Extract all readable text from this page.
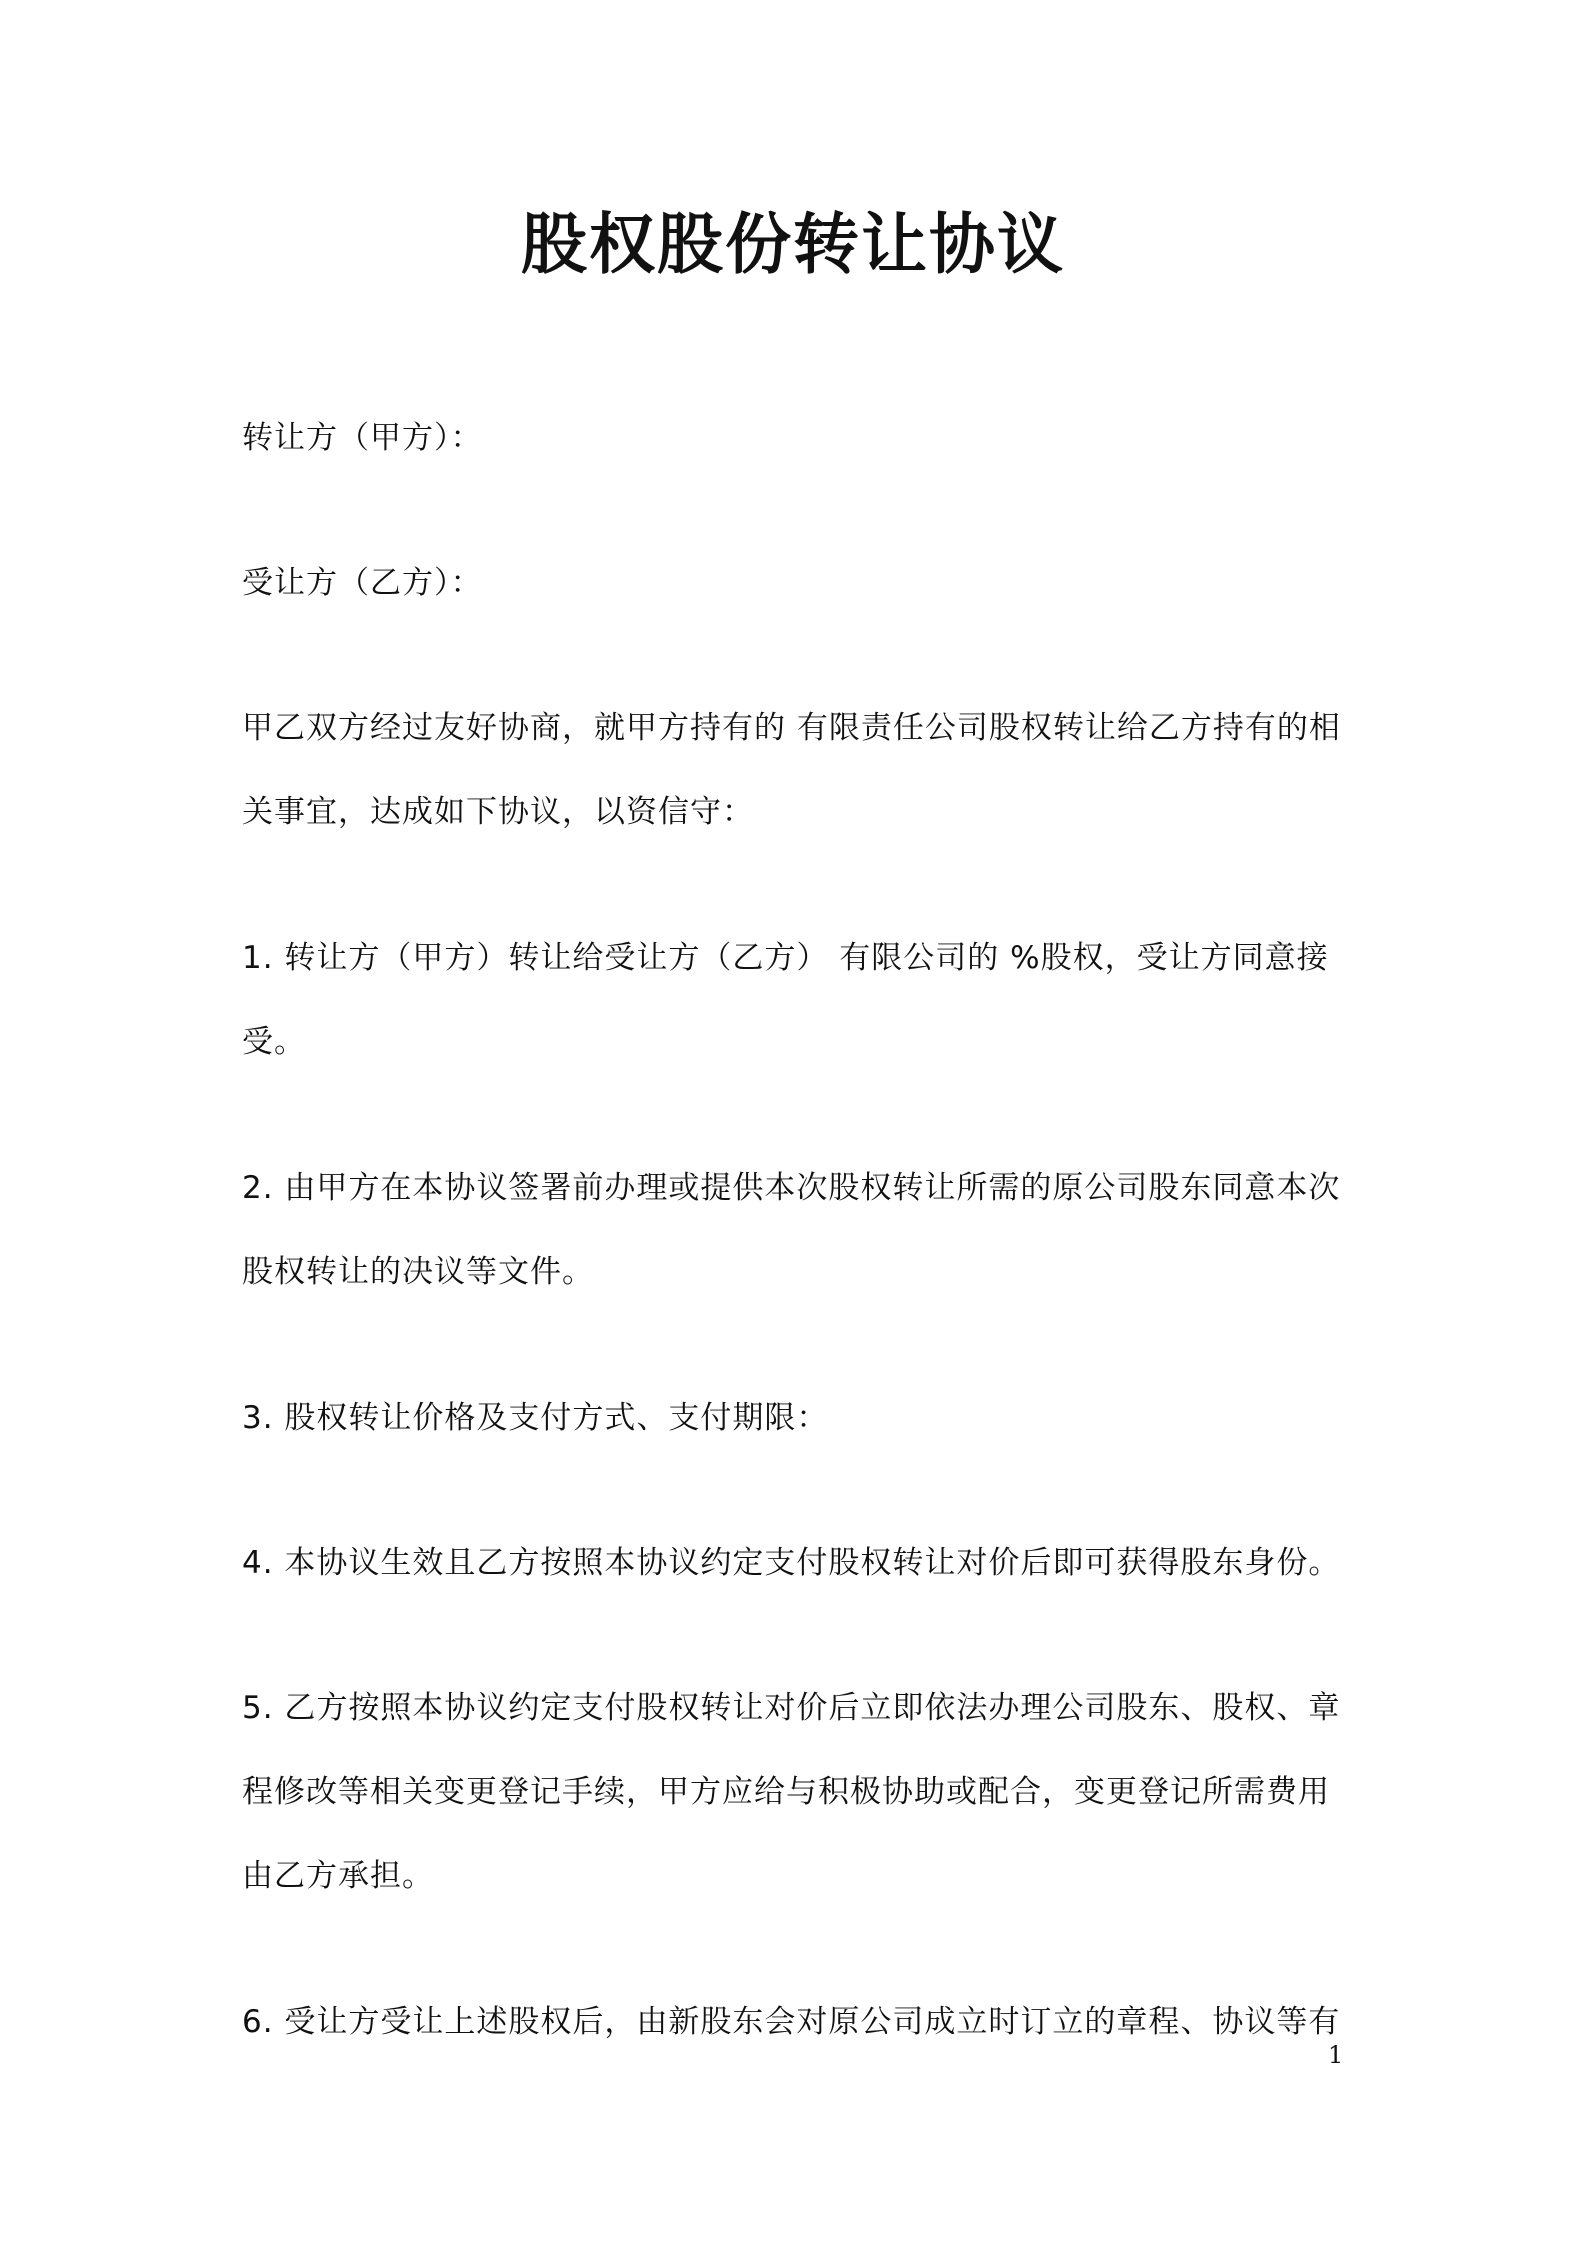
股权股份转让协议

转让方（甲方）：

受让方（乙方）：

甲乙双方经过友好协商，就甲方持有的 有限责任公司股权转让给乙方持有的相关事宜，达成如下协议，以资信守：

1. 转让方（甲方）转让给受让方（乙方） 有限公司的 %股权，受让方同意接受。

2. 由甲方在本协议签署前办理或提供本次股权转让所需的原公司股东同意本次股权转让的决议等文件。

3. 股权转让价格及支付方式、支付期限：

4. 本协议生效且乙方按照本协议约定支付股权转让对价后即可获得股东身份。

5. 乙方按照本协议约定支付股权转让对价后立即依法办理公司股东、股权、章程修改等相关变更登记手续，甲方应给与积极协助或配合，变更登记所需费用由乙方承担。

6. 受让方受让上述股权后，由新股东会对原公司成立时订立的章程、协议等有

1
